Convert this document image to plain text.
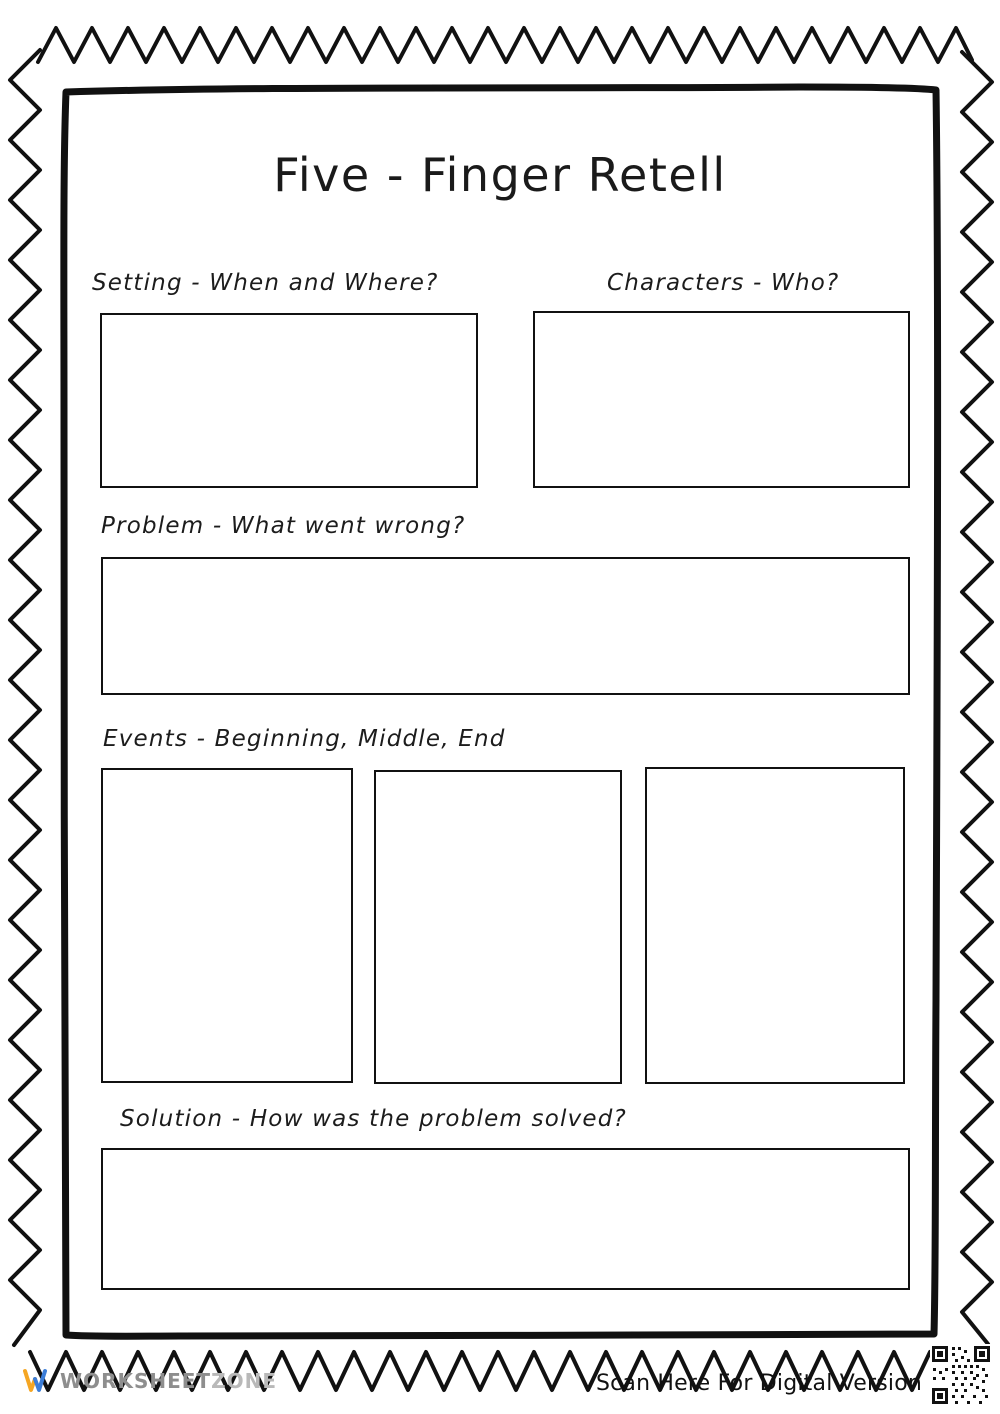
Five - Finger Retell
Setting - When and Where?	Characters - Who?
Problem - What went wrong?
Events - Beginning, Middle, End
Solution - How was the problem solved?
Scan Here For Digital Version
WORKSHEETZONE
